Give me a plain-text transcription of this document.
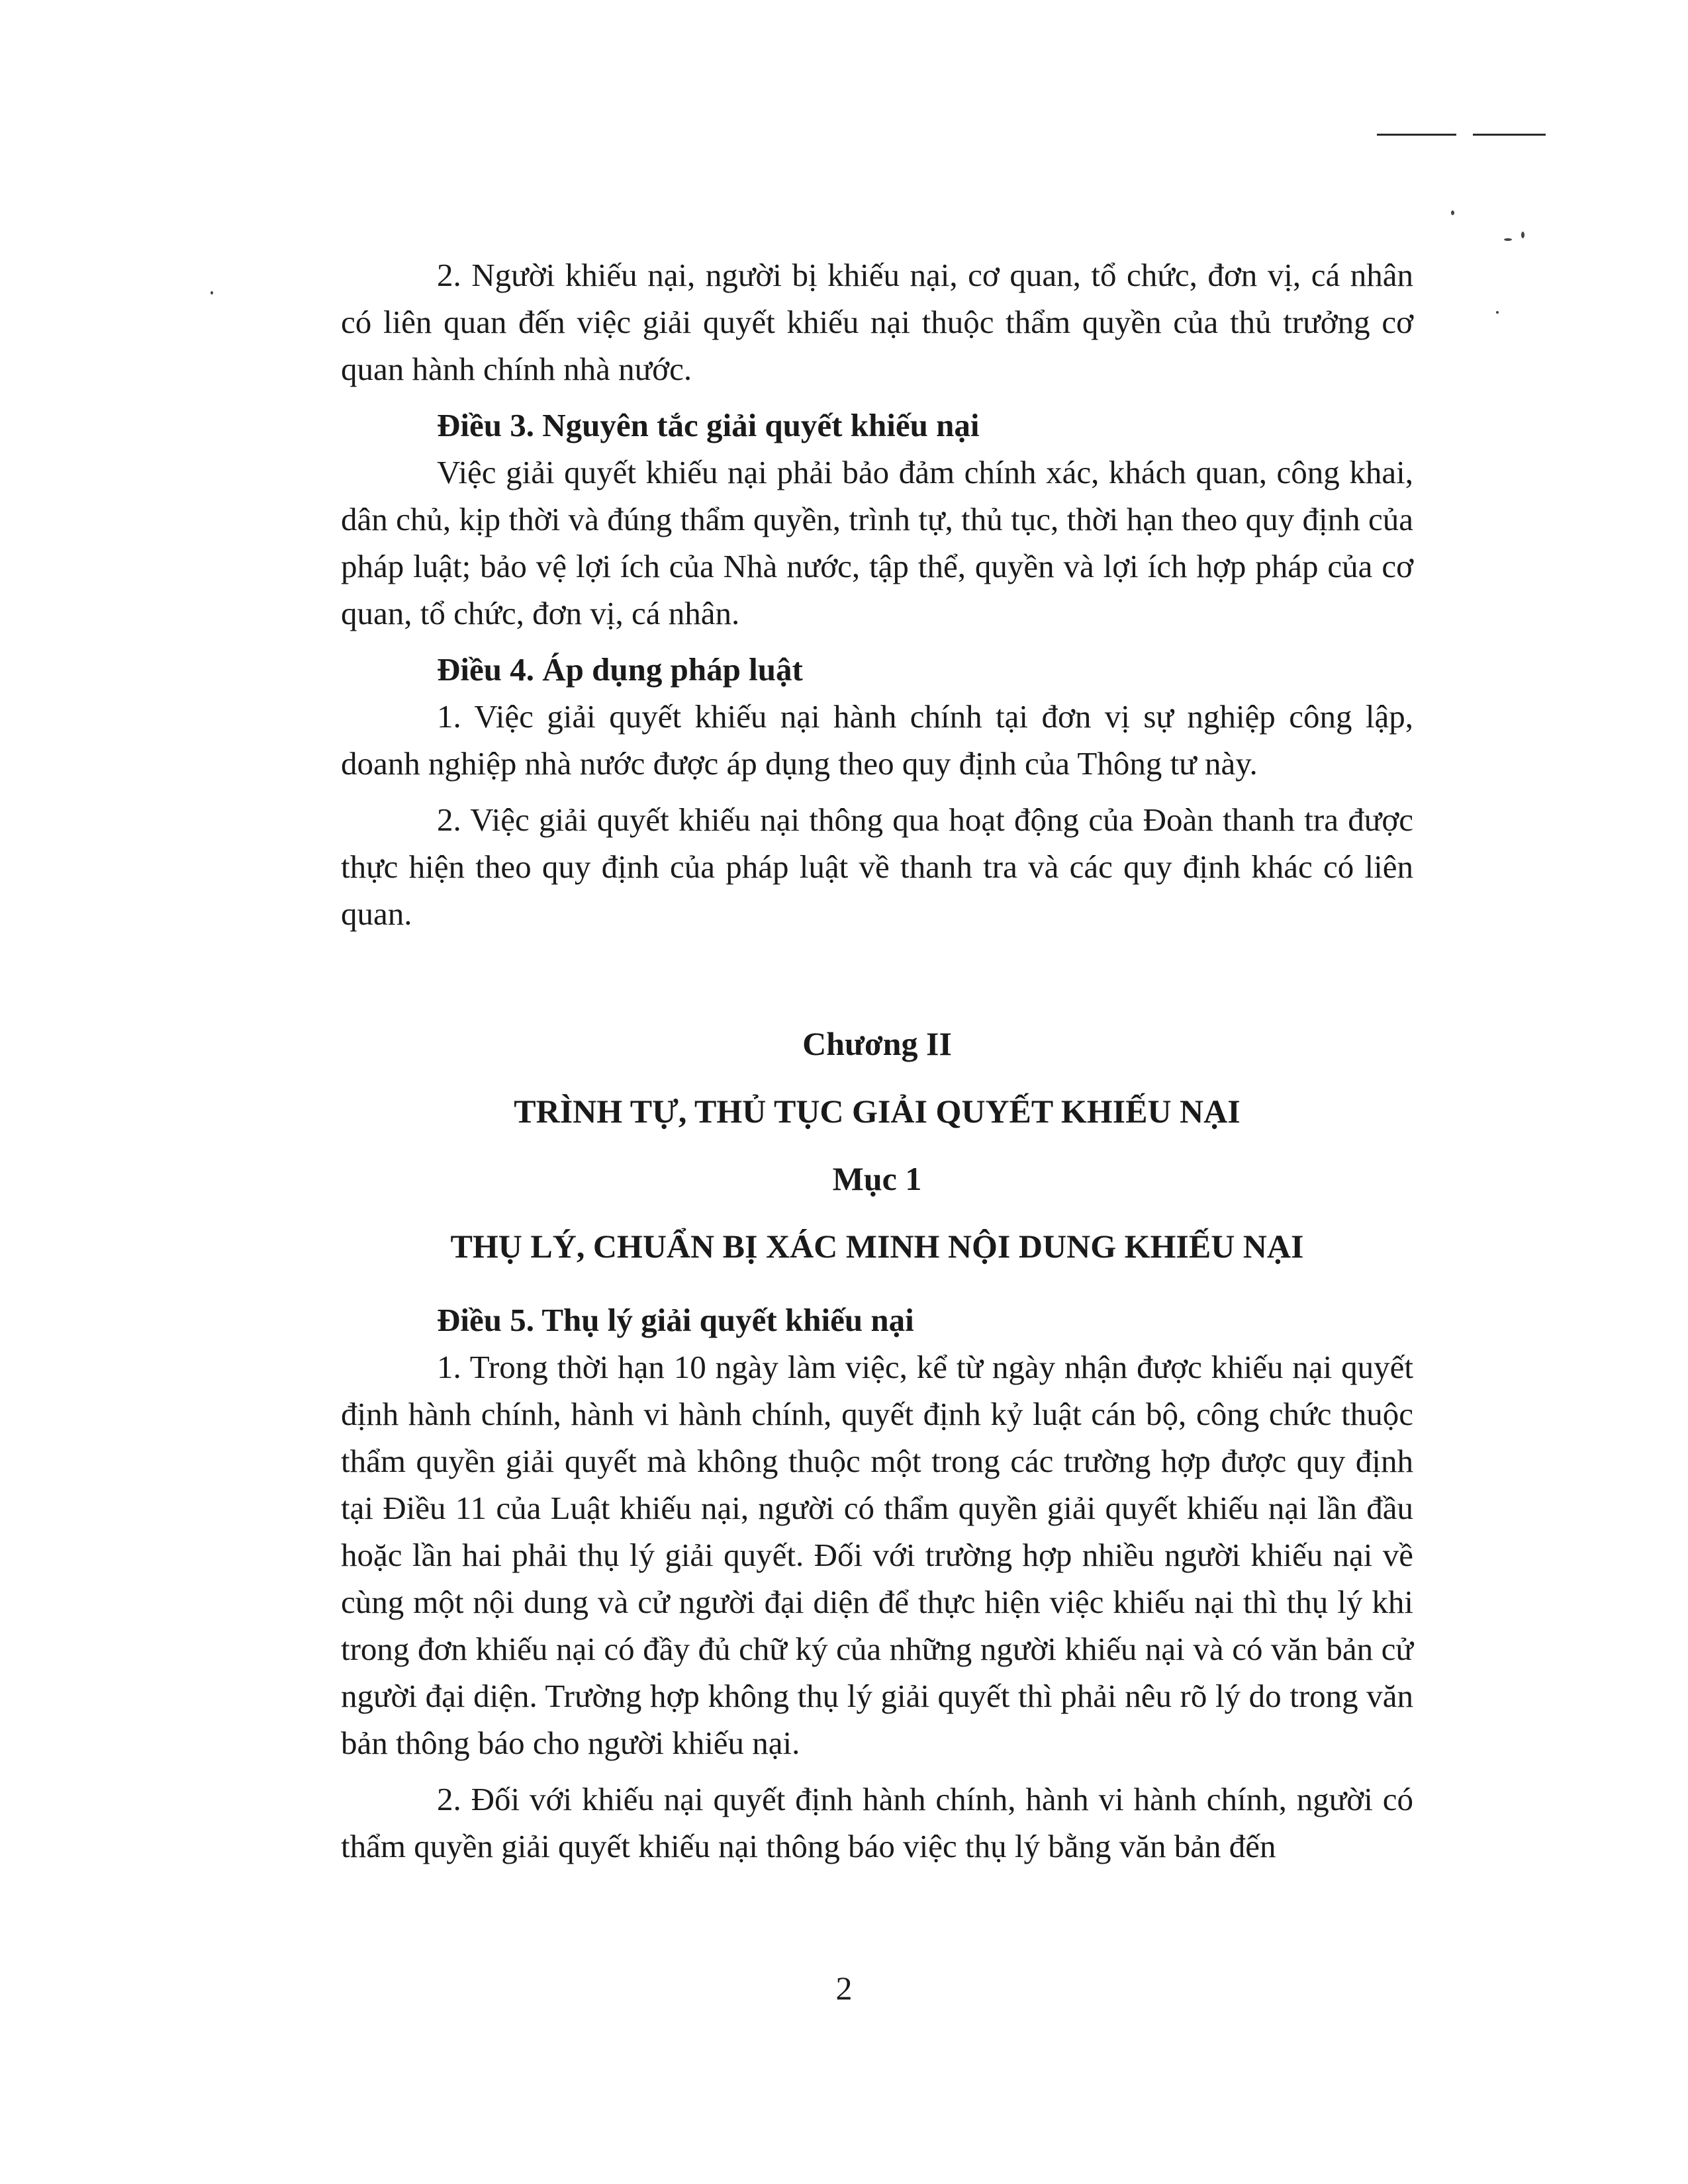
2. Người khiếu nại, người bị khiếu nại, cơ quan, tổ chức, đơn vị, cá nhân có liên quan đến việc giải quyết khiếu nại thuộc thẩm quyền của thủ trưởng cơ quan hành chính nhà nước.

Điều 3. Nguyên tắc giải quyết khiếu nại

Việc giải quyết khiếu nại phải bảo đảm chính xác, khách quan, công khai, dân chủ, kịp thời và đúng thẩm quyền, trình tự, thủ tục, thời hạn theo quy định của pháp luật; bảo vệ lợi ích của Nhà nước, tập thể, quyền và lợi ích hợp pháp của cơ quan, tổ chức, đơn vị, cá nhân.

Điều 4. Áp dụng pháp luật

1. Việc giải quyết khiếu nại hành chính tại đơn vị sự nghiệp công lập, doanh nghiệp nhà nước được áp dụng theo quy định của Thông tư này.

2. Việc giải quyết khiếu nại thông qua hoạt động của Đoàn thanh tra được thực hiện theo quy định của pháp luật về thanh tra và các quy định khác có liên quan.

Chương II

TRÌNH TỰ, THỦ TỤC GIẢI QUYẾT KHIẾU NẠI

Mục 1

THỤ LÝ, CHUẨN BỊ XÁC MINH NỘI DUNG KHIẾU NẠI

Điều 5. Thụ lý giải quyết khiếu nại

1. Trong thời hạn 10 ngày làm việc, kể từ ngày nhận được khiếu nại quyết định hành chính, hành vi hành chính, quyết định kỷ luật cán bộ, công chức thuộc thẩm quyền giải quyết mà không thuộc một trong các trường hợp được quy định tại Điều 11 của Luật khiếu nại, người có thẩm quyền giải quyết khiếu nại lần đầu hoặc lần hai phải thụ lý giải quyết. Đối với trường hợp nhiều người khiếu nại về cùng một nội dung và cử người đại diện để thực hiện việc khiếu nại thì thụ lý khi trong đơn khiếu nại có đầy đủ chữ ký của những người khiếu nại và có văn bản cử người đại diện. Trường hợp không thụ lý giải quyết thì phải nêu rõ lý do trong văn bản thông báo cho người khiếu nại.

2. Đối với khiếu nại quyết định hành chính, hành vi hành chính, người có thẩm quyền giải quyết khiếu nại thông báo việc thụ lý bằng văn bản đến

2
